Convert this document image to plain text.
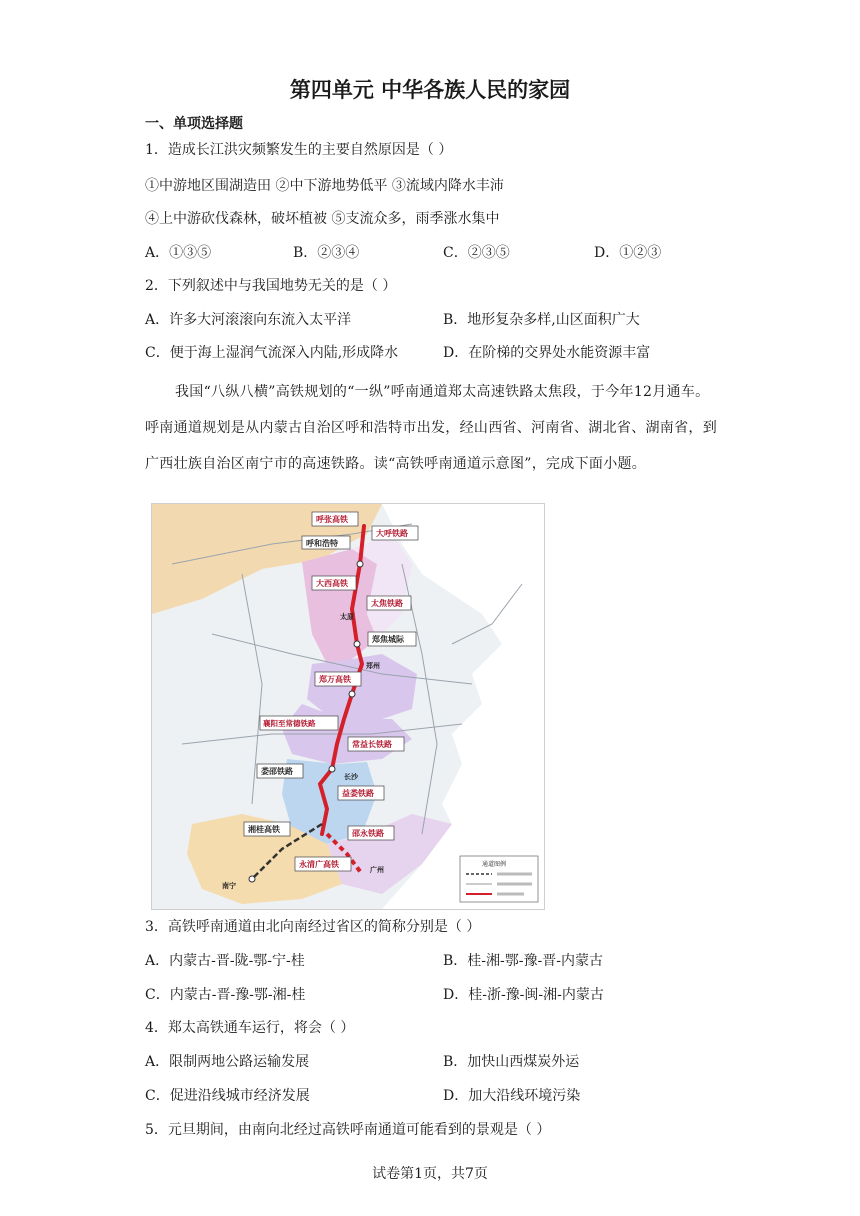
第四单元 中华各族人民的家园
一、单项选择题
1．造成长江洪灾频繁发生的主要自然原因是（ ）
①中游地区围湖造田 ②中下游地势低平 ③流域内降水丰沛
④上中游砍伐森林，破坏植被 ⑤支流众多，雨季涨水集中
A．①③⑤	B．②③④	C．②③⑤	D．①②③
2．下列叙述中与我国地势无关的是（ ）
A．许多大河滚滚向东流入太平洋	B．地形复杂多样,山区面积广大
C．便于海上湿润气流深入内陆,形成降水	D．在阶梯的交界处水能资源丰富
我国“八纵八横”高铁规划的“一纵”呼南通道郑太高速铁路太焦段，于今年12月通车。呼南通道规划是从内蒙古自治区呼和浩特市出发，经山西省、河南省、湖北省、湖南省，到广西壮族自治区南宁市的高速铁路。读“高铁呼南通道示意图”，完成下面小题。
呼张高铁
呼和浩特
大呼铁路
大西高铁
太焦铁路
太原
郑焦城际
郑州
郑万高铁
襄阳至常德铁路
常益长铁路
娄邵铁路
长沙
益娄铁路
湘桂高铁	邵永铁路
永清广高铁
南宁
广州
通道图例
3．高铁呼南通道由北向南经过省区的简称分别是（ ）
A．内蒙古-晋-陇-鄂-宁-桂	B．桂-湘-鄂-豫-晋-内蒙古
C．内蒙古-晋-豫-鄂-湘-桂	D．桂-浙-豫-闽-湘-内蒙古
4．郑太高铁通车运行，将会（ ）
A．限制两地公路运输发展	B．加快山西煤炭外运
C．促进沿线城市经济发展	D．加大沿线环境污染
5．元旦期间，由南向北经过高铁呼南通道可能看到的景观是（ ）
试卷第1页，共7页
